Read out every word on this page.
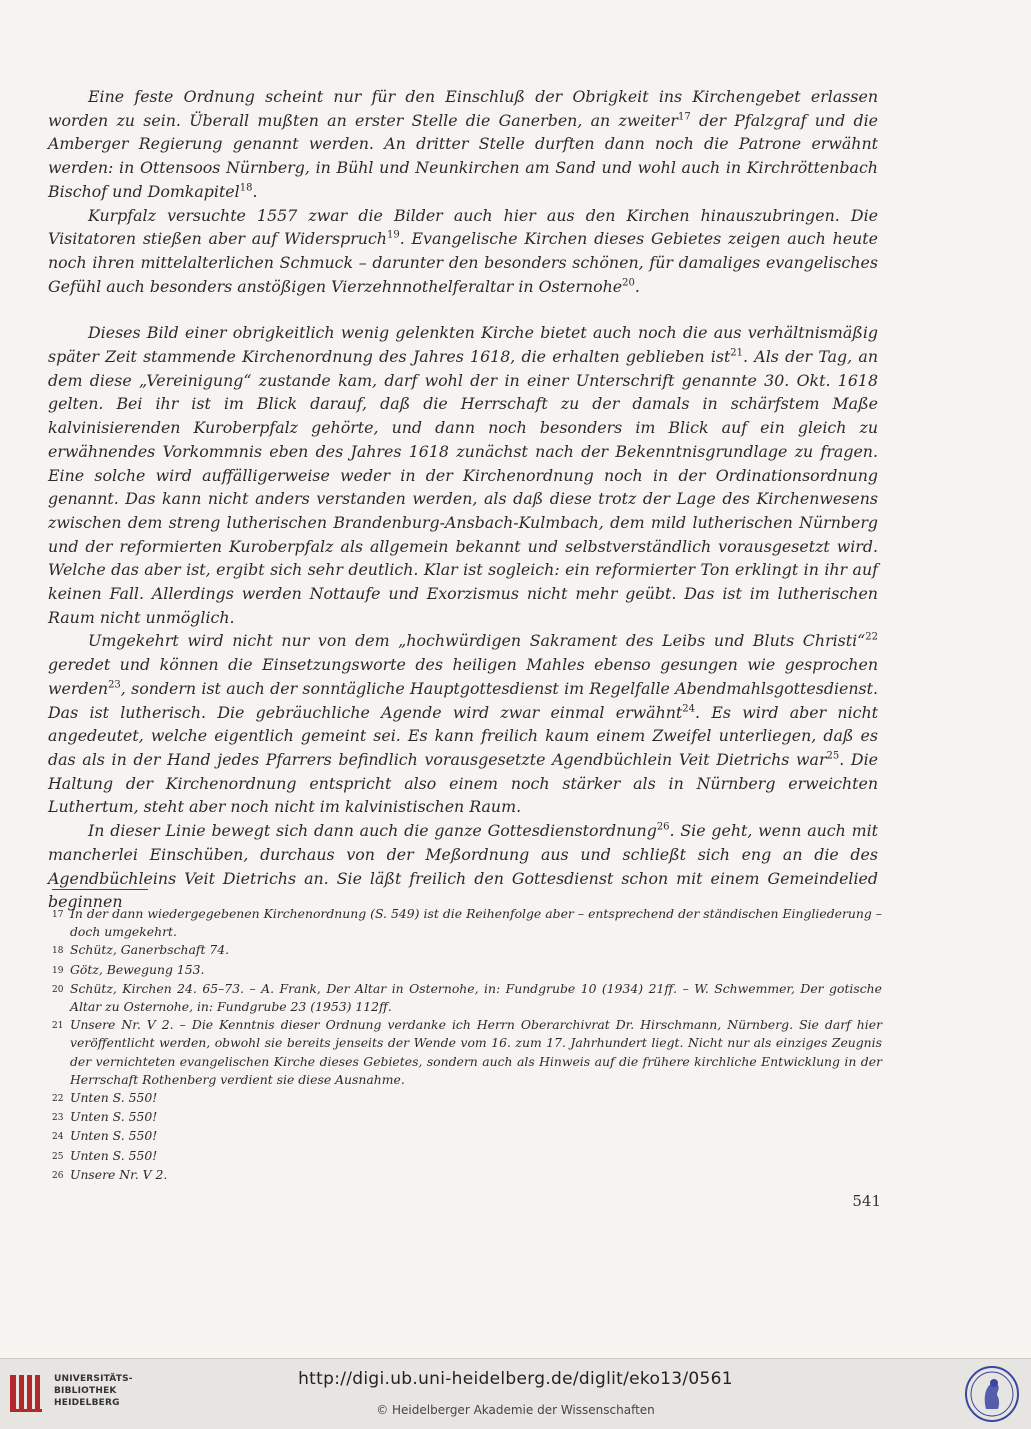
Eine feste Ordnung scheint nur für den Einschluß der Obrigkeit ins Kirchengebet erlassen worden zu sein. Überall mußten an erster Stelle die Ganerben, an zweiter$^{17}$ der Pfalzgraf und die Amberger Regierung genannt werden. An dritter Stelle durften dann noch die Patrone erwähnt werden: in Ottensoos Nürnberg, in Bühl und Neunkirchen am Sand und wohl auch in Kirchröttenbach Bischof und Domkapitel$^{18}$.

Kurpfalz versuchte 1557 zwar die Bilder auch hier aus den Kirchen hinauszubringen. Die Visitatoren stießen aber auf Widerspruch$^{19}$. Evangelische Kirchen dieses Gebietes zeigen auch heute noch ihren mittelalterlichen Schmuck – darunter den besonders schönen, für damaliges evangelisches Gefühl auch besonders anstößigen Vierzehnnothelferaltar in Osternohe$^{20}$.

Dieses Bild einer obrigkeitlich wenig gelenkten Kirche bietet auch noch die aus verhältnismäßig später Zeit stammende Kirchenordnung des Jahres 1618, die erhalten geblieben ist$^{21}$. Als der Tag, an dem diese „Vereinigung“ zustande kam, darf wohl der in einer Unterschrift genannte 30. Okt. 1618 gelten. Bei ihr ist im Blick darauf, daß die Herrschaft zu der damals in schärfstem Maße kalvinisierenden Kuroberpfalz gehörte, und dann noch besonders im Blick auf ein gleich zu erwähnendes Vorkommnis eben des Jahres 1618 zunächst nach der Bekenntnisgrundlage zu fragen. Eine solche wird auffälligerweise weder in der Kirchenordnung noch in der Ordinationsordnung genannt. Das kann nicht anders verstanden werden, als daß diese trotz der Lage des Kirchenwesens zwischen dem streng lutherischen Brandenburg-Ansbach-Kulmbach, dem mild lutherischen Nürnberg und der reformierten Kuroberpfalz als allgemein bekannt und selbstverständlich vorausgesetzt wird. Welche das aber ist, ergibt sich sehr deutlich. Klar ist sogleich: ein reformierter Ton erklingt in ihr auf keinen Fall. Allerdings werden Nottaufe und Exorzismus nicht mehr geübt. Das ist im lutherischen Raum nicht unmöglich.

Umgekehrt wird nicht nur von dem „hochwürdigen Sakrament des Leibs und Bluts Christi“$^{22}$ geredet und können die Einsetzungsworte des heiligen Mahles ebenso gesungen wie gesprochen werden$^{23}$, sondern ist auch der sonntägliche Hauptgottesdienst im Regelfalle Abendmahlsgottesdienst. Das ist lutherisch. Die gebräuchliche Agende wird zwar einmal erwähnt$^{24}$. Es wird aber nicht angedeutet, welche eigentlich gemeint sei. Es kann freilich kaum einem Zweifel unterliegen, daß es das als in der Hand jedes Pfarrers befindlich vorausgesetzte Agendbüchlein Veit Dietrichs war$^{25}$. Die Haltung der Kirchenordnung entspricht also einem noch stärker als in Nürnberg erweichten Luthertum, steht aber noch nicht im kalvinistischen Raum.

In dieser Linie bewegt sich dann auch die ganze Gottesdienstordnung$^{26}$. Sie geht, wenn auch mit mancherlei Einschüben, durchaus von der Meßordnung aus und schließt sich eng an die des Agendbüchleins Veit Dietrichs an. Sie läßt freilich den Gottesdienst schon mit einem Gemeindelied beginnen

17 In der dann wiedergegebenen Kirchenordnung (S. 549) ist die Reihenfolge aber – entsprechend der ständischen Eingliederung – doch umgekehrt.
18 Schütz, Ganerbschaft 74.
19 Götz, Bewegung 153.
20 Schütz, Kirchen 24. 65–73. – A. Frank, Der Altar in Osternohe, in: Fundgrube 10 (1934) 21ff. – W. Schwemmer, Der gotische Altar zu Osternohe, in: Fundgrube 23 (1953) 112ff.
21 Unsere Nr. V 2. – Die Kenntnis dieser Ordnung verdanke ich Herrn Oberarchivrat Dr. Hirschmann, Nürnberg. Sie darf hier veröffentlicht werden, obwohl sie bereits jenseits der Wende vom 16. zum 17. Jahrhundert liegt. Nicht nur als einziges Zeugnis der vernichteten evangelischen Kirche dieses Gebietes, sondern auch als Hinweis auf die frühere kirchliche Entwicklung in der Herrschaft Rothenberg verdient sie diese Ausnahme.
22 Unten S. 550!
23 Unten S. 550!
24 Unten S. 550!
25 Unten S. 550!
26 Unsere Nr. V 2.
541
UNIVERSITÄTS-
BIBLIOTHEK
HEIDELBERG
http://digi.ub.uni-heidelberg.de/diglit/eko13/0561
© Heidelberger Akademie der Wissenschaften
